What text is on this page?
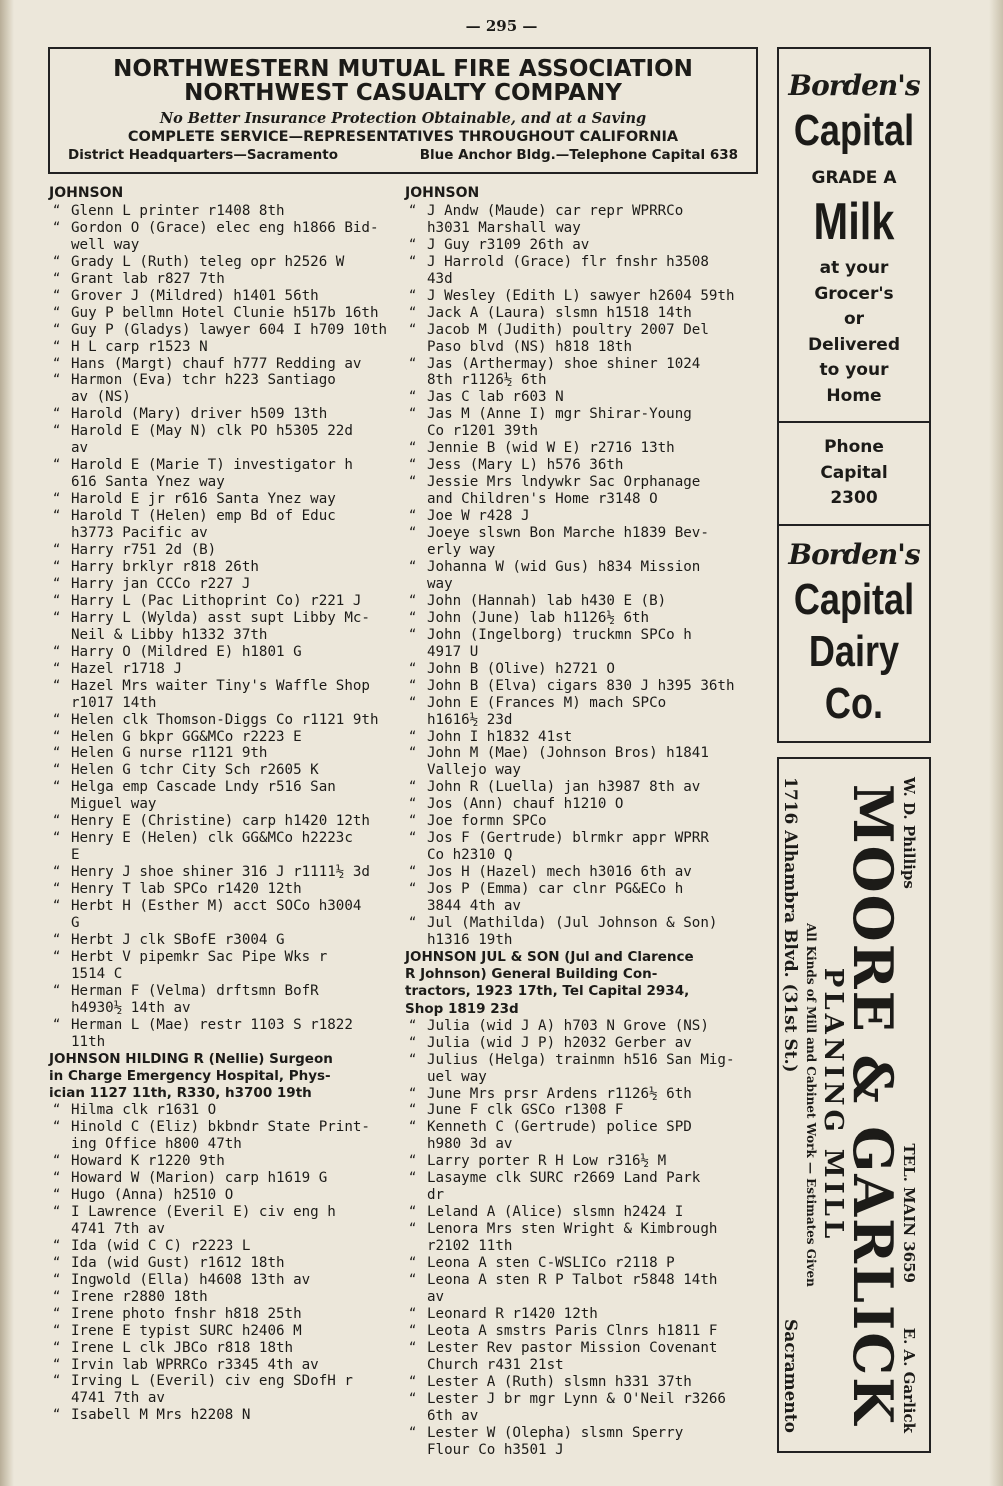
— 295 —
NORTHWESTERN MUTUAL FIRE ASSOCIATION
NORTHWEST CASUALTY COMPANY
No Better Insurance Protection Obtainable, and at a Saving
COMPLETE SERVICE—REPRESENTATIVES THROUGHOUT CALIFORNIA
District Headquarters—Sacramento	Blue Anchor Bldg.—Telephone Capital 638
JOHNSON
“ Glenn L printer r1408 8th
“ Gordon O (Grace) elec eng h1866 Bid-
well way
“ Grady L (Ruth) teleg opr h2526 W
“ Grant lab r827 7th
“ Grover J (Mildred) h1401 56th
“ Guy P bellmn Hotel Clunie h517b 16th
“ Guy P (Gladys) lawyer 604 I h709 10th
“ H L carp r1523 N
“ Hans (Margt) chauf h777 Redding av
“ Harmon (Eva) tchr h223 Santiago
av (NS)
“ Harold (Mary) driver h509 13th
“ Harold E (May N) clk PO h5305 22d
av
“ Harold E (Marie T) investigator h
616 Santa Ynez way
“ Harold E jr r616 Santa Ynez way
“ Harold T (Helen) emp Bd of Educ
h3773 Pacific av
“ Harry r751 2d (B)
“ Harry brklyr r818 26th
“ Harry jan CCCo r227 J
“ Harry L (Pac Lithoprint Co) r221 J
“ Harry L (Wylda) asst supt Libby Mc-
Neil & Libby h1332 37th
“ Harry O (Mildred E) h1801 G
“ Hazel r1718 J
“ Hazel Mrs waiter Tiny's Waffle Shop
r1017 14th
“ Helen clk Thomson-Diggs Co r1121 9th
“ Helen G bkpr GG&MCo r2223 E
“ Helen G nurse r1121 9th
“ Helen G tchr City Sch r2605 K
“ Helga emp Cascade Lndy r516 San
Miguel way
“ Henry E (Christine) carp h1420 12th
“ Henry E (Helen) clk GG&MCo h2223c
E
“ Henry J shoe shiner 316 J r1111½ 3d
“ Henry T lab SPCo r1420 12th
“ Herbt H (Esther M) acct SOCo h3004
G
“ Herbt J clk SBofE r3004 G
“ Herbt V pipemkr Sac Pipe Wks r
1514 C
“ Herman F (Velma) drftsmn BofR
h4930½ 14th av
“ Herman L (Mae) restr 1103 S r1822
11th
JOHNSON HILDING R (Nellie) Surgeon
in Charge Emergency Hospital, Phys-
ician 1127 11th, R330, h3700 19th
“ Hilma clk r1631 O
“ Hinold C (Eliz) bkbndr State Print-
ing Office h800 47th
“ Howard K r1220 9th
“ Howard W (Marion) carp h1619 G
“ Hugo (Anna) h2510 O
“ I Lawrence (Everil E) civ eng h
4741 7th av
“ Ida (wid C C) r2223 L
“ Ida (wid Gust) r1612 18th
“ Ingwold (Ella) h4608 13th av
“ Irene r2880 18th
“ Irene photo fnshr h818 25th
“ Irene E typist SURC h2406 M
“ Irene L clk JBCo r818 18th
“ Irvin lab WPRRCo r3345 4th av
“ Irving L (Everil) civ eng SDofH r
4741 7th av
“ Isabell M Mrs h2208 N
JOHNSON
“ J Andw (Maude) car repr WPRRCo
h3031 Marshall way
“ J Guy r3109 26th av
“ J Harrold (Grace) flr fnshr h3508
43d
“ J Wesley (Edith L) sawyer h2604 59th
“ Jack A (Laura) slsmn h1518 14th
“ Jacob M (Judith) poultry 2007 Del
Paso blvd (NS) h818 18th
“ Jas (Arthermay) shoe shiner 1024
8th r1126½ 6th
“ Jas C lab r603 N
“ Jas M (Anne I) mgr Shirar-Young
Co r1201 39th
“ Jennie B (wid W E) r2716 13th
“ Jess (Mary L) h576 36th
“ Jessie Mrs lndywkr Sac Orphanage
and Children's Home r3148 O
“ Joe W r428 J
“ Joeye slswn Bon Marche h1839 Bev-
erly way
“ Johanna W (wid Gus) h834 Mission
way
“ John (Hannah) lab h430 E (B)
“ John (June) lab h1126½ 6th
“ John (Ingelborg) truckmn SPCo h
4917 U
“ John B (Olive) h2721 O
“ John B (Elva) cigars 830 J h395 36th
“ John E (Frances M) mach SPCo
h1616½ 23d
“ John I h1832 41st
“ John M (Mae) (Johnson Bros) h1841
Vallejo way
“ John R (Luella) jan h3987 8th av
“ Jos (Ann) chauf h1210 O
“ Joe formn SPCo
“ Jos F (Gertrude) blrmkr appr WPRR
Co h2310 Q
“ Jos H (Hazel) mech h3016 6th av
“ Jos P (Emma) car clnr PG&ECo h
3844 4th av
“ Jul (Mathilda) (Jul Johnson & Son)
h1316 19th
JOHNSON JUL & SON (Jul and Clarence
R Johnson) General Building Con-
tractors, 1923 17th, Tel Capital 2934,
Shop 1819 23d
“ Julia (wid J A) h703 N Grove (NS)
“ Julia (wid J P) h2032 Gerber av
“ Julius (Helga) trainmn h516 San Mig-
uel way
“ June Mrs prsr Ardens r1126½ 6th
“ June F clk GSCo r1308 F
“ Kenneth C (Gertrude) police SPD
h980 3d av
“ Larry porter R H Low r316½ M
“ Lasayme clk SURC r2669 Land Park
dr
“ Leland A (Alice) slsmn h2424 I
“ Lenora Mrs sten Wright & Kimbrough
r2102 11th
“ Leona A sten C-WSLICo r2118 P
“ Leona A sten R P Talbot r5848 14th
av
“ Leonard R r1420 12th
“ Leota A smstrs Paris Clnrs h1811 F
“ Lester Rev pastor Mission Covenant
Church r431 21st
“ Lester A (Ruth) slsmn h331 37th
“ Lester J br mgr Lynn & O'Neil r3266
6th av
“ Lester W (Olepha) slsmn Sperry
Flour Co h3501 J
Borden's
Capital
GRADE A
Milk
at your
Grocer's
or
Delivered
to your
Home
Phone
Capital
2300
Borden's
Capital
Dairy
Co.
W. D. Phillips
TEL. MAIN 3659
MOORE & GARLICK
PLANING MILL
All Kinds of Mill and Cabinet Work — Estimates Given
1716 Alhambra Blvd. (31st St.)
Sacramento	E. A. Garlick
